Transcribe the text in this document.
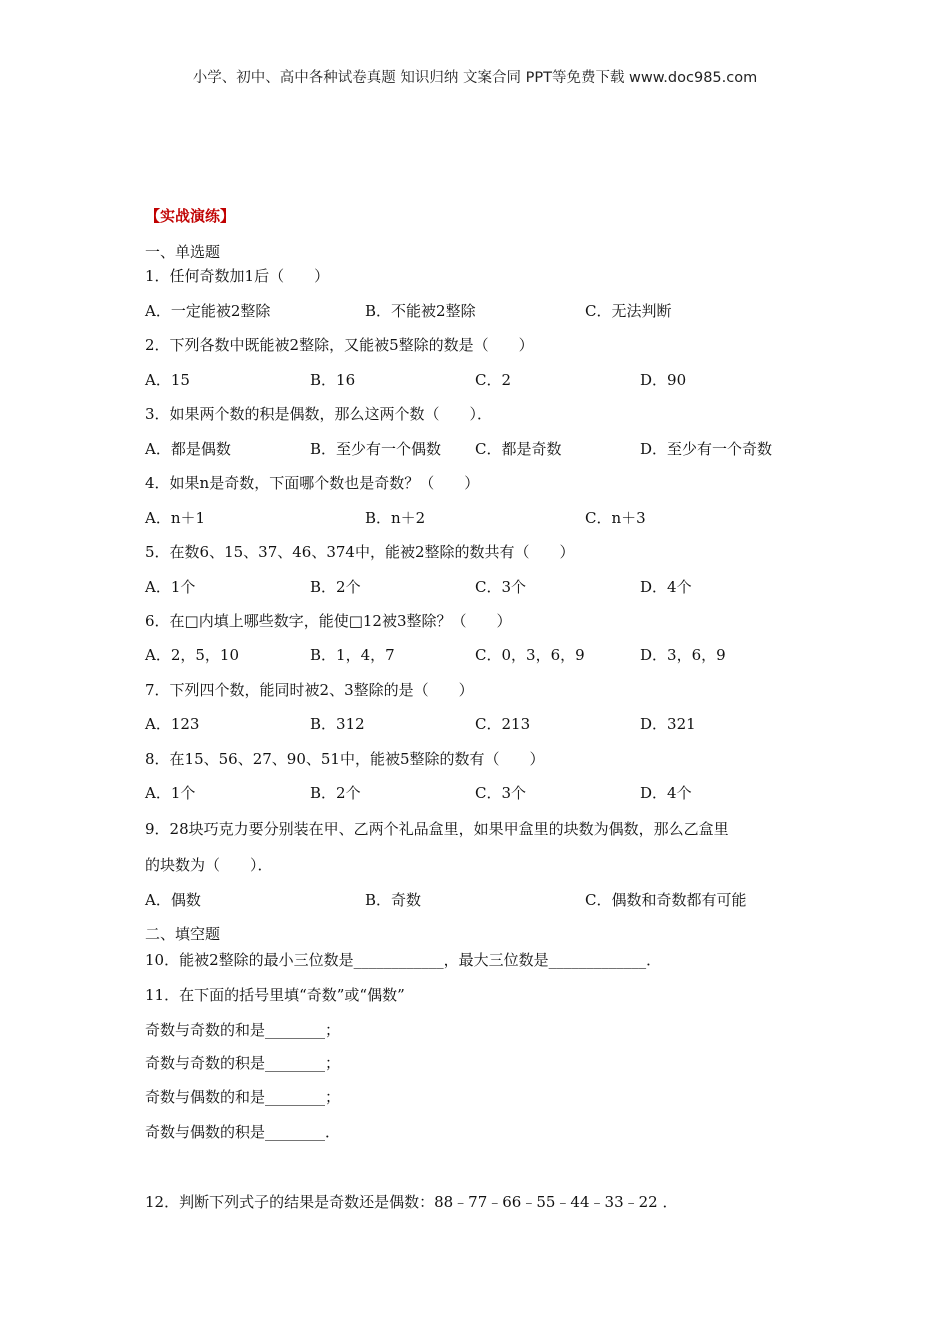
小学、初中、高中各种试卷真题 知识归纳 文案合同 PPT等免费下载 www.doc985.com
【实战演练】
一、单选题
1．任何奇数加1后（　　）
A．一定能被2整除	B．不能被2整除	C．无法判断
2．下列各数中既能被2整除，又能被5整除的数是（　　）
A．15	B．16	C．2	D．90
3．如果两个数的积是偶数，那么这两个数（　　）．
A．都是偶数	B．至少有一个偶数 C．都是奇数	D．至少有一个奇数
4．如果n是奇数，下面哪个数也是奇数？（　　）
A．n＋1	B．n＋2	C．n＋3
5．在数6、15、37、46、374中，能被2整除的数共有（　　）
A．1个	B．2个	C．3个	D．4个
6．在□内填上哪些数字，能使□12被3整除？（　　）
A．2，5，10	B．1，4，7	C．0，3，6，9	D．3，6，9
7．下列四个数，能同时被2、3整除的是（　　）
A．123	B．312	C．213	D．321
8．在15、56、27、90、51中，能被5整除的数有（　　）
A．1个	B．2个	C．3个	D．4个
9．28块巧克力要分别装在甲、乙两个礼品盒里，如果甲盒里的块数为偶数，那么乙盒里
的块数为（　　）．
A．偶数	B．奇数	C．偶数和奇数都有可能
二、填空题
10．能被2整除的最小三位数是____________，最大三位数是_____________．
11．在下面的括号里填“奇数”或“偶数”
奇数与奇数的和是________；
奇数与奇数的积是________；
奇数与偶数的和是________；
奇数与偶数的积是________．
12．判断下列式子的结果是奇数还是偶数：88﹣77﹣66﹣55﹣44﹣33﹣22 ．
